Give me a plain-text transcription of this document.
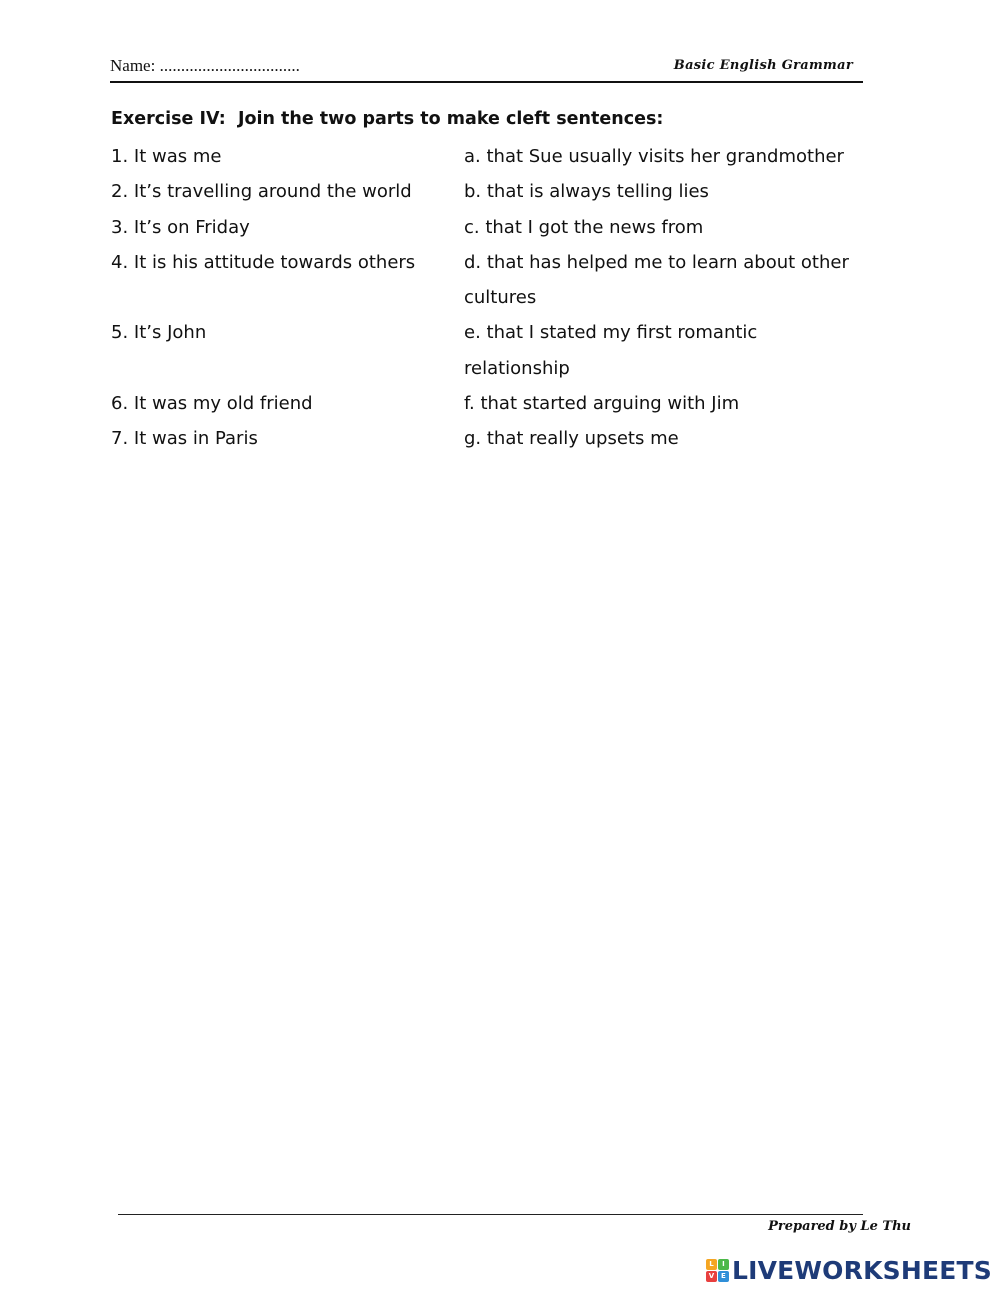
Name: .................................	Basic English Grammar
Exercise IV:  Join the two parts to make cleft sentences:
1. It was me	a. that Sue usually visits her grandmother
2. It’s travelling around the world	b. that is always telling lies
3. It’s on Friday	c. that I got the news from
4. It is his attitude towards others	d. that has helped me to learn about other cultures
5. It’s John	e. that I stated my first romantic relationship
6. It was my old friend	f. that started arguing with Jim
7. It was in Paris	g. that really upsets me
Prepared by Le Thu
L	I
V E LIVEWORKSHEETS
